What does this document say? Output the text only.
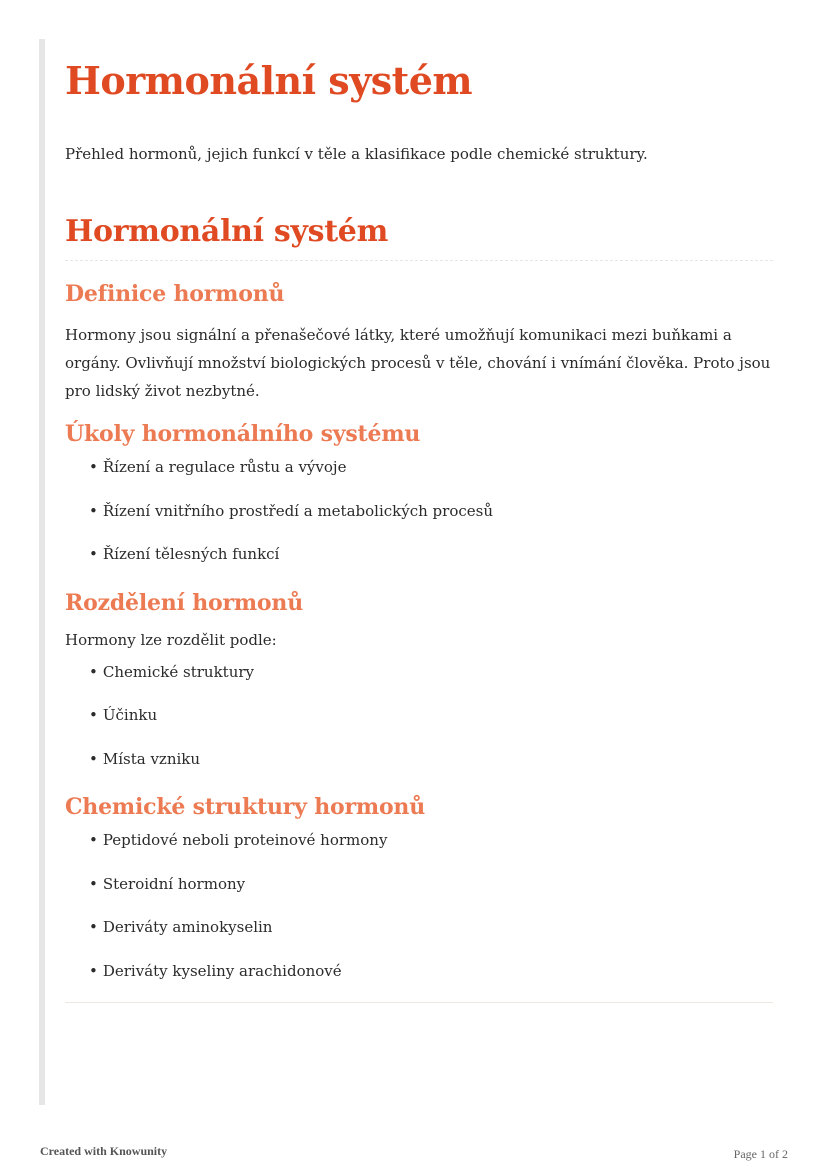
Hormonální systém

Přehled hormonů, jejich funkcí v těle a klasifikace podle chemické struktury.

Hormonální systém
Definice hormonů

Hormony jsou signální a přenašečové látky, které umožňují komunikaci mezi buňkami a orgány. Ovlivňují množství biologických procesů v těle, chování i vnímání člověka. Proto jsou pro lidský život nezbytné.

Úkoly hormonálního systému
• Řízení a regulace růstu a vývoje
• Řízení vnitřního prostředí a metabolických procesů
• Řízení tělesných funkcí
Rozdělení hormonů

Hormony lze rozdělit podle:

• Chemické struktury
• Účinku
• Místa vzniku
Chemické struktury hormonů
• Peptidové neboli proteinové hormony
• Steroidní hormony
• Deriváty aminokyselin
• Deriváty kyseliny arachidonové
Created with Knowunity	Page 1 of 2
